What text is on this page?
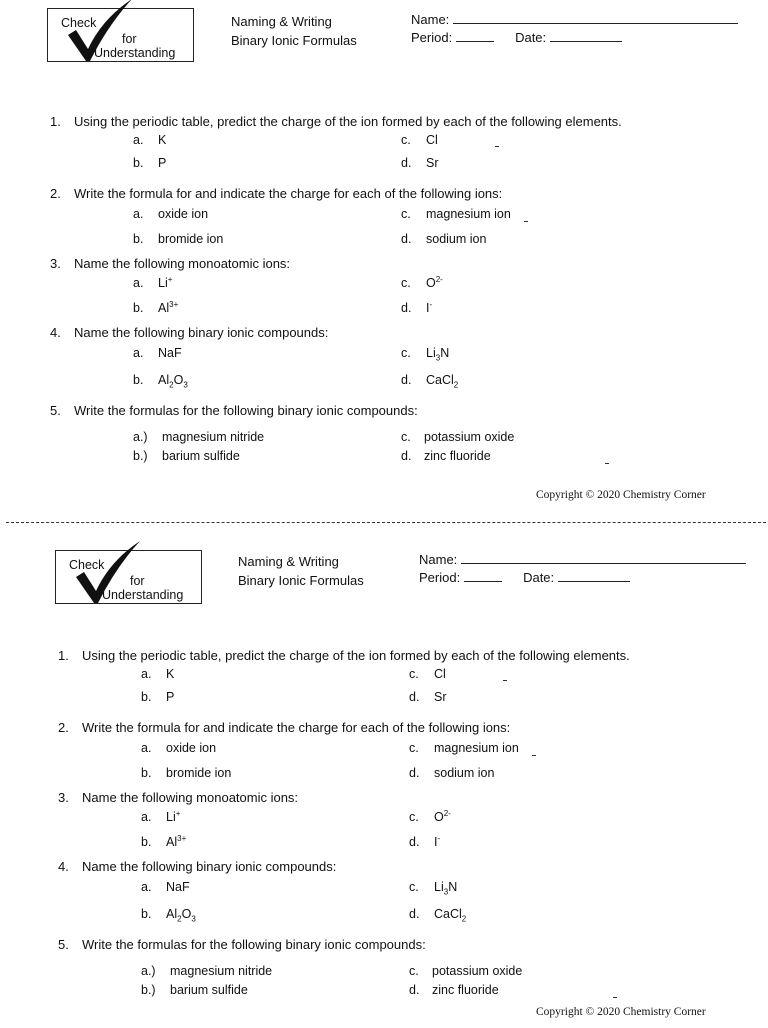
Check
for
Understanding
Naming & Writing
Binary Ionic Formulas
Name:
Period:	Date:
1. Using the periodic table, predict the charge of the ion formed by each of the following elements.
a. K
b. P
c. Cl
d. Sr
2. Write the formula for and indicate the charge for each of the following ions:
a. oxide ion
b. bromide ion
c. magnesium ion
d. sodium ion
3. Name the following monoatomic ions:
a. Li+
b. $Al^{3+}$
c. $O^{2-}$
d. I-
4. Name the following binary ionic compounds:
a. NaF
b. $Al_2O_3$
c. $Li_3N$
d. CaCl$_2$
5. Write the formulas for the following binary ionic compounds:
a.) magnesium nitride
b.) barium sulfide
c. potassium oxide
d. zinc fluoride
Copyright © 2020 Chemistry Corner
Check
for
Understanding
Naming & Writing
Binary Ionic Formulas
Name:
Period:	Date:
1. Using the periodic table, predict the charge of the ion formed by each of the following elements.
a. K
b. P
c. Cl
d. Sr
2. Write the formula for and indicate the charge for each of the following ions:
a. oxide ion
b. bromide ion
c. magnesium ion
d. sodium ion
3. Name the following monoatomic ions:
a. Li+
b. $Al^{3+}$
c. $O^{2-}$
d. I-
4. Name the following binary ionic compounds:
a. NaF
b. $Al_2O_3$
c. $Li_3N$
d. CaCl$_2$
5. Write the formulas for the following binary ionic compounds:
a.) magnesium nitride
b.) barium sulfide
c. potassium oxide
d. zinc fluoride
Copyright © 2020 Chemistry Corner
